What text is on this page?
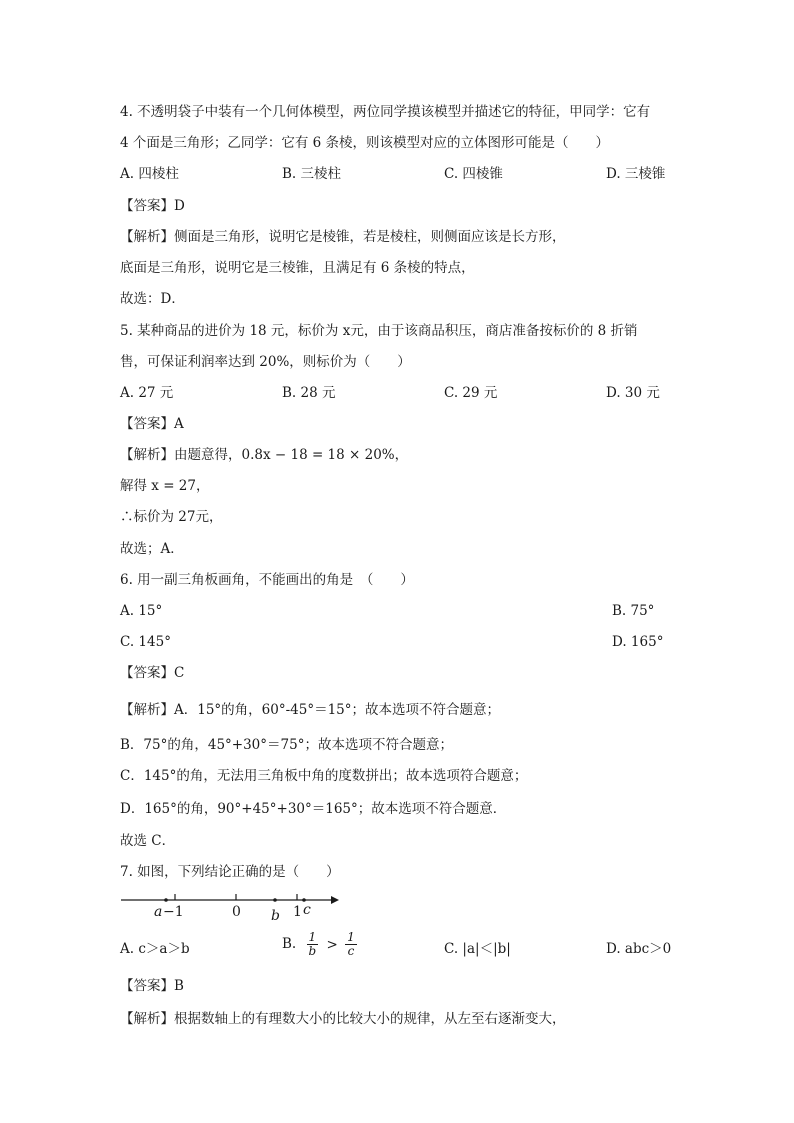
4. 不透明袋子中装有一个几何体模型，两位同学摸该模型并描述它的特征，甲同学：它有
4 个面是三角形；乙同学：它有 6 条棱，则该模型对应的立体图形可能是（　　）
A. 四棱柱	B. 三棱柱	C. 四棱锥	D. 三棱锥
【答案】D
【解析】侧面是三角形，说明它是棱锥，若是棱柱，则侧面应该是长方形，
底面是三角形，说明它是三棱锥，且满足有 6 条棱的特点，
故选：D．
5. 某种商品的进价为 18 元，标价为 x元，由于该商品积压，商店准备按标价的 8 折销
售，可保证利润率达到 20%，则标价为（　　）
A. 27 元	B. 28 元	C. 29 元	D. 30 元
【答案】A
【解析】由题意得，0.8x − 18 = 18 × 20%，
解得 x = 27，
∴标价为 27元，
故选；A．
6. 用一副三角板画角，不能画出的角是　（　　）
A. 15°	B. 75°
C. 145°	D. 165°
【答案】C
【解析】A．15°的角，60°-45°＝15°；故本选项不符合题意；
B．75°的角，45°+30°＝75°；故本选项不符合题意；
C．145°的角，无法用三角板中角的度数拼出；故本选项符合题意；
D．165°的角，90°+45°+30°＝165°；故本选项不符合题意．
故选 C．
7. 如图，下列结论正确的是（　　）
a −1	0 b 1 c
A. c＞a＞b	B. $\frac{1}{b} > \frac{1}{c}$	C. |a|＜|b|	D. abc＞0
【答案】B
【解析】根据数轴上的有理数大小的比较大小的规律，从左至右逐渐变大，
